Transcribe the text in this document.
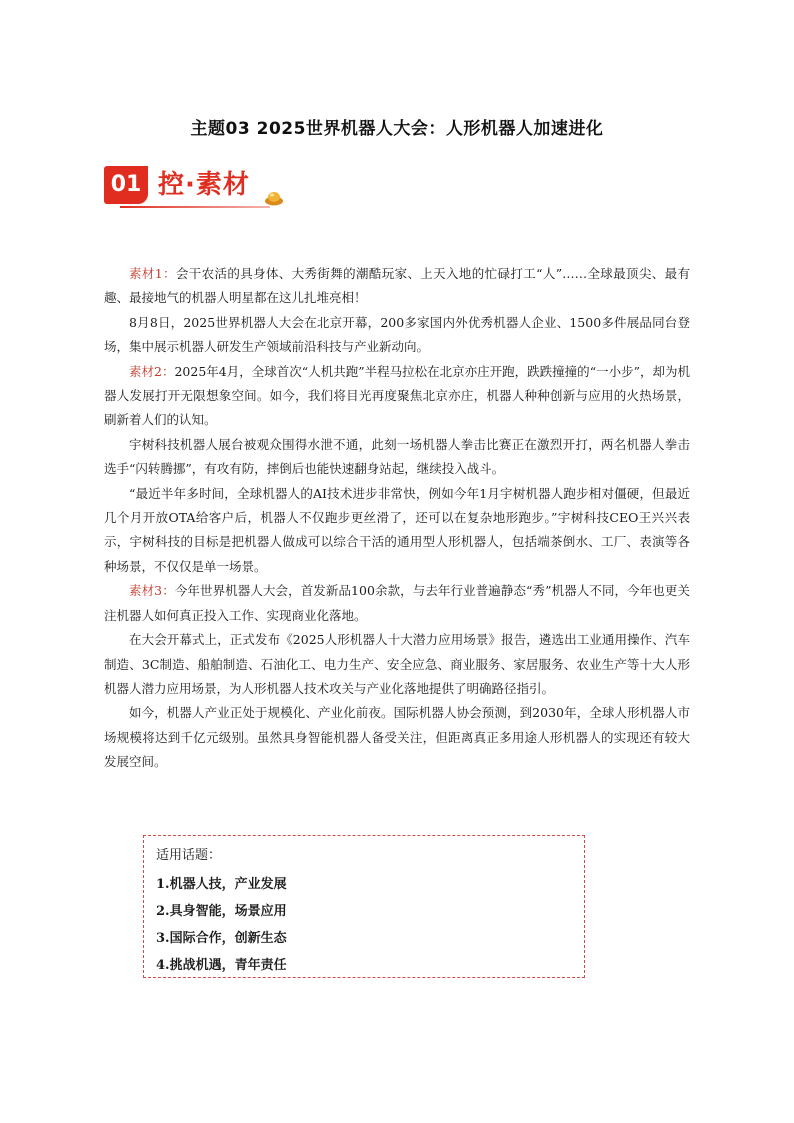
主题03 2025世界机器人大会：人形机器人加速进化
01 控·素材

素材1：会干农活的具身体、大秀街舞的潮酷玩家、上天入地的忙碌打工“人”……全球最顶尖、最有趣、最接地气的机器人明星都在这儿扎堆亮相！

8月8日，2025世界机器人大会在北京开幕，200多家国内外优秀机器人企业、1500多件展品同台登场，集中展示机器人研发生产领域前沿科技与产业新动向。

素材2：2025年4月，全球首次“人机共跑”半程马拉松在北京亦庄开跑，跌跌撞撞的“一小步”，却为机器人发展打开无限想象空间。如今，我们将目光再度聚焦北京亦庄，机器人种种创新与应用的火热场景，刷新着人们的认知。

宇树科技机器人展台被观众围得水泄不通，此刻一场机器人拳击比赛正在激烈开打，两名机器人拳击选手“闪转腾挪”，有攻有防，摔倒后也能快速翻身站起，继续投入战斗。

“最近半年多时间，全球机器人的AI技术进步非常快，例如今年1月宇树机器人跑步相对僵硬，但最近几个月开放OTA给客户后，机器人不仅跑步更丝滑了，还可以在复杂地形跑步。”宇树科技CEO王兴兴表示，宇树科技的目标是把机器人做成可以综合干活的通用型人形机器人，包括端茶倒水、工厂、表演等各种场景，不仅仅是单一场景。

素材3：今年世界机器人大会，首发新品100余款，与去年行业普遍静态“秀”机器人不同，今年也更关注机器人如何真正投入工作、实现商业化落地。

在大会开幕式上，正式发布《2025人形机器人十大潜力应用场景》报告，遴选出工业通用操作、汽车制造、3C制造、船舶制造、石油化工、电力生产、安全应急、商业服务、家居服务、农业生产等十大人形机器人潜力应用场景，为人形机器人技术攻关与产业化落地提供了明确路径指引。

如今，机器人产业正处于规模化、产业化前夜。国际机器人协会预测，到2030年，全球人形机器人市场规模将达到千亿元级别。虽然具身智能机器人备受关注，但距离真正多用途人形机器人的实现还有较大发展空间。

适用话题：

1.机器人技，产业发展

2.具身智能，场景应用

3.国际合作，创新生态

4.挑战机遇，青年责任
